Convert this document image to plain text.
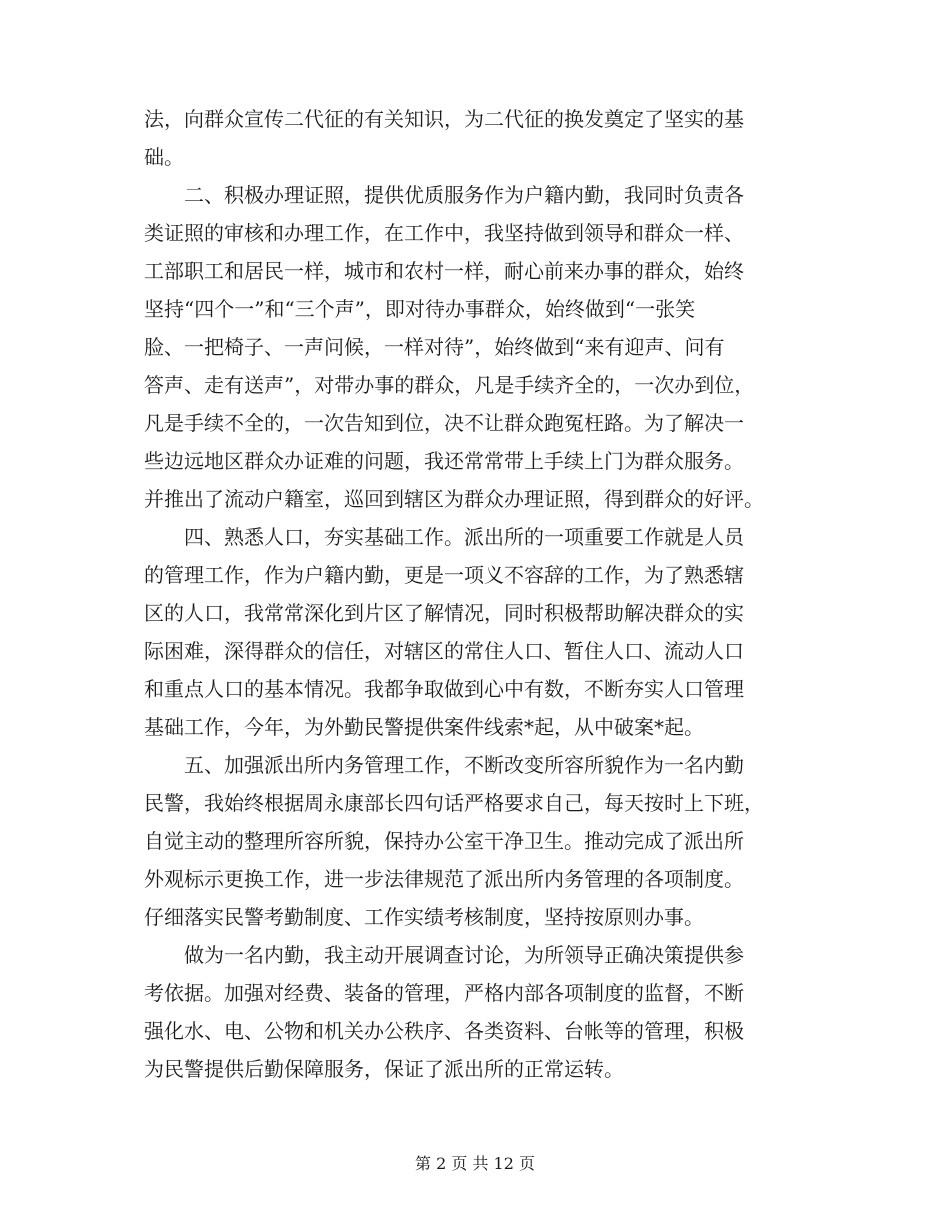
法，向群众宣传二代征的有关知识，为二代征的换发奠定了坚实的基
础。
二、积极办理证照，提供优质服务作为户籍内勤，我同时负责各
类证照的审核和办理工作，在工作中，我坚持做到领导和群众一样、
工部职工和居民一样，城市和农村一样，耐心前来办事的群众，始终
坚持“四个一”和“三个声”，即对待办事群众，始终做到“一张笑
脸、一把椅子、一声问候，一样对待”，始终做到“来有迎声、问有
答声、走有送声”，对带办事的群众，凡是手续齐全的，一次办到位，
凡是手续不全的，一次告知到位，决不让群众跑冤枉路。为了解决一
些边远地区群众办证难的问题，我还常常带上手续上门为群众服务。
并推出了流动户籍室，巡回到辖区为群众办理证照，得到群众的好评。
四、熟悉人口，夯实基础工作。派出所的一项重要工作就是人员
的管理工作，作为户籍内勤，更是一项义不容辞的工作，为了熟悉辖
区的人口，我常常深化到片区了解情况，同时积极帮助解决群众的实
际困难，深得群众的信任，对辖区的常住人口、暂住人口、流动人口
和重点人口的基本情况。我都争取做到心中有数，不断夯实人口管理
基础工作，今年，为外勤民警提供案件线索*起，从中破案*起。
五、加强派出所内务管理工作，不断改变所容所貌作为一名内勤
民警，我始终根据周永康部长四句话严格要求自己，每天按时上下班，
自觉主动的整理所容所貌，保持办公室干净卫生。推动完成了派出所
外观标示更换工作，进一步法律规范了派出所内务管理的各项制度。
仔细落实民警考勤制度、工作实绩考核制度，坚持按原则办事。
做为一名内勤，我主动开展调查讨论，为所领导正确决策提供参
考依据。加强对经费、装备的管理，严格内部各项制度的监督，不断
强化水、电、公物和机关办公秩序、各类资料、台帐等的管理，积极
为民警提供后勤保障服务，保证了派出所的正常运转。
第 2 页 共 12 页
